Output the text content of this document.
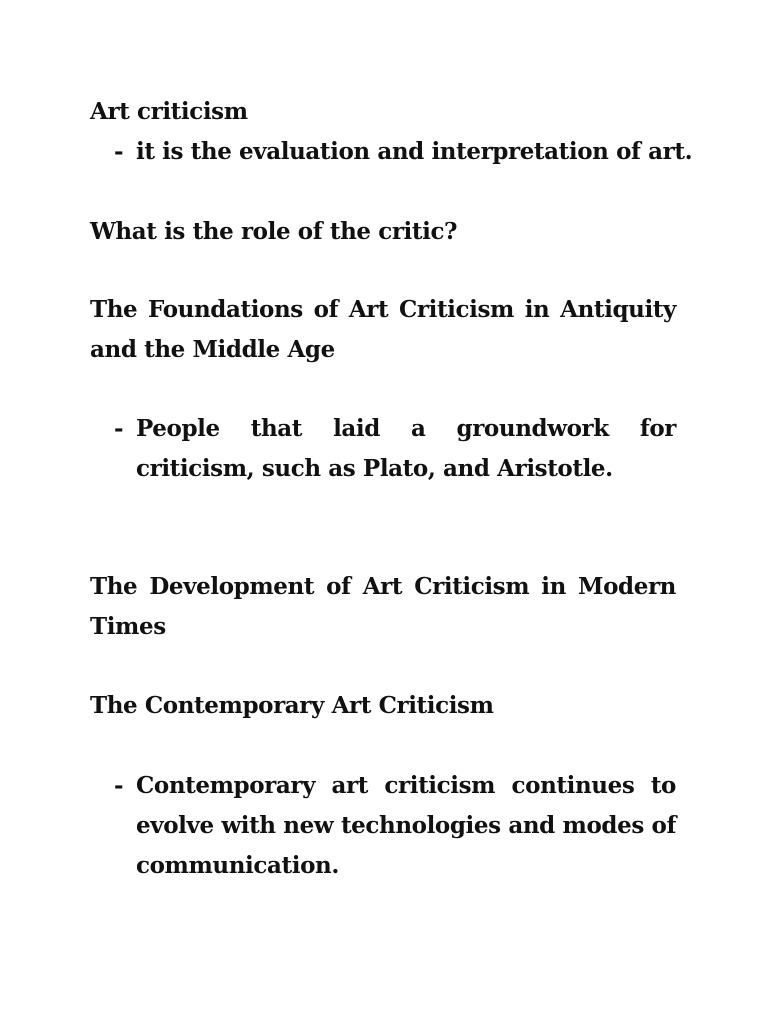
Art criticism
- it is the evaluation and interpretation of art.
What is the role of the critic?
The Foundations of Art Criticism in Antiquity and the Middle Age
- People that laid a groundwork for criticism, such as Plato, and Aristotle.
The Development of Art Criticism in Modern Times
The Contemporary Art Criticism
- Contemporary art criticism continues to evolve with new technologies and modes of communication.
